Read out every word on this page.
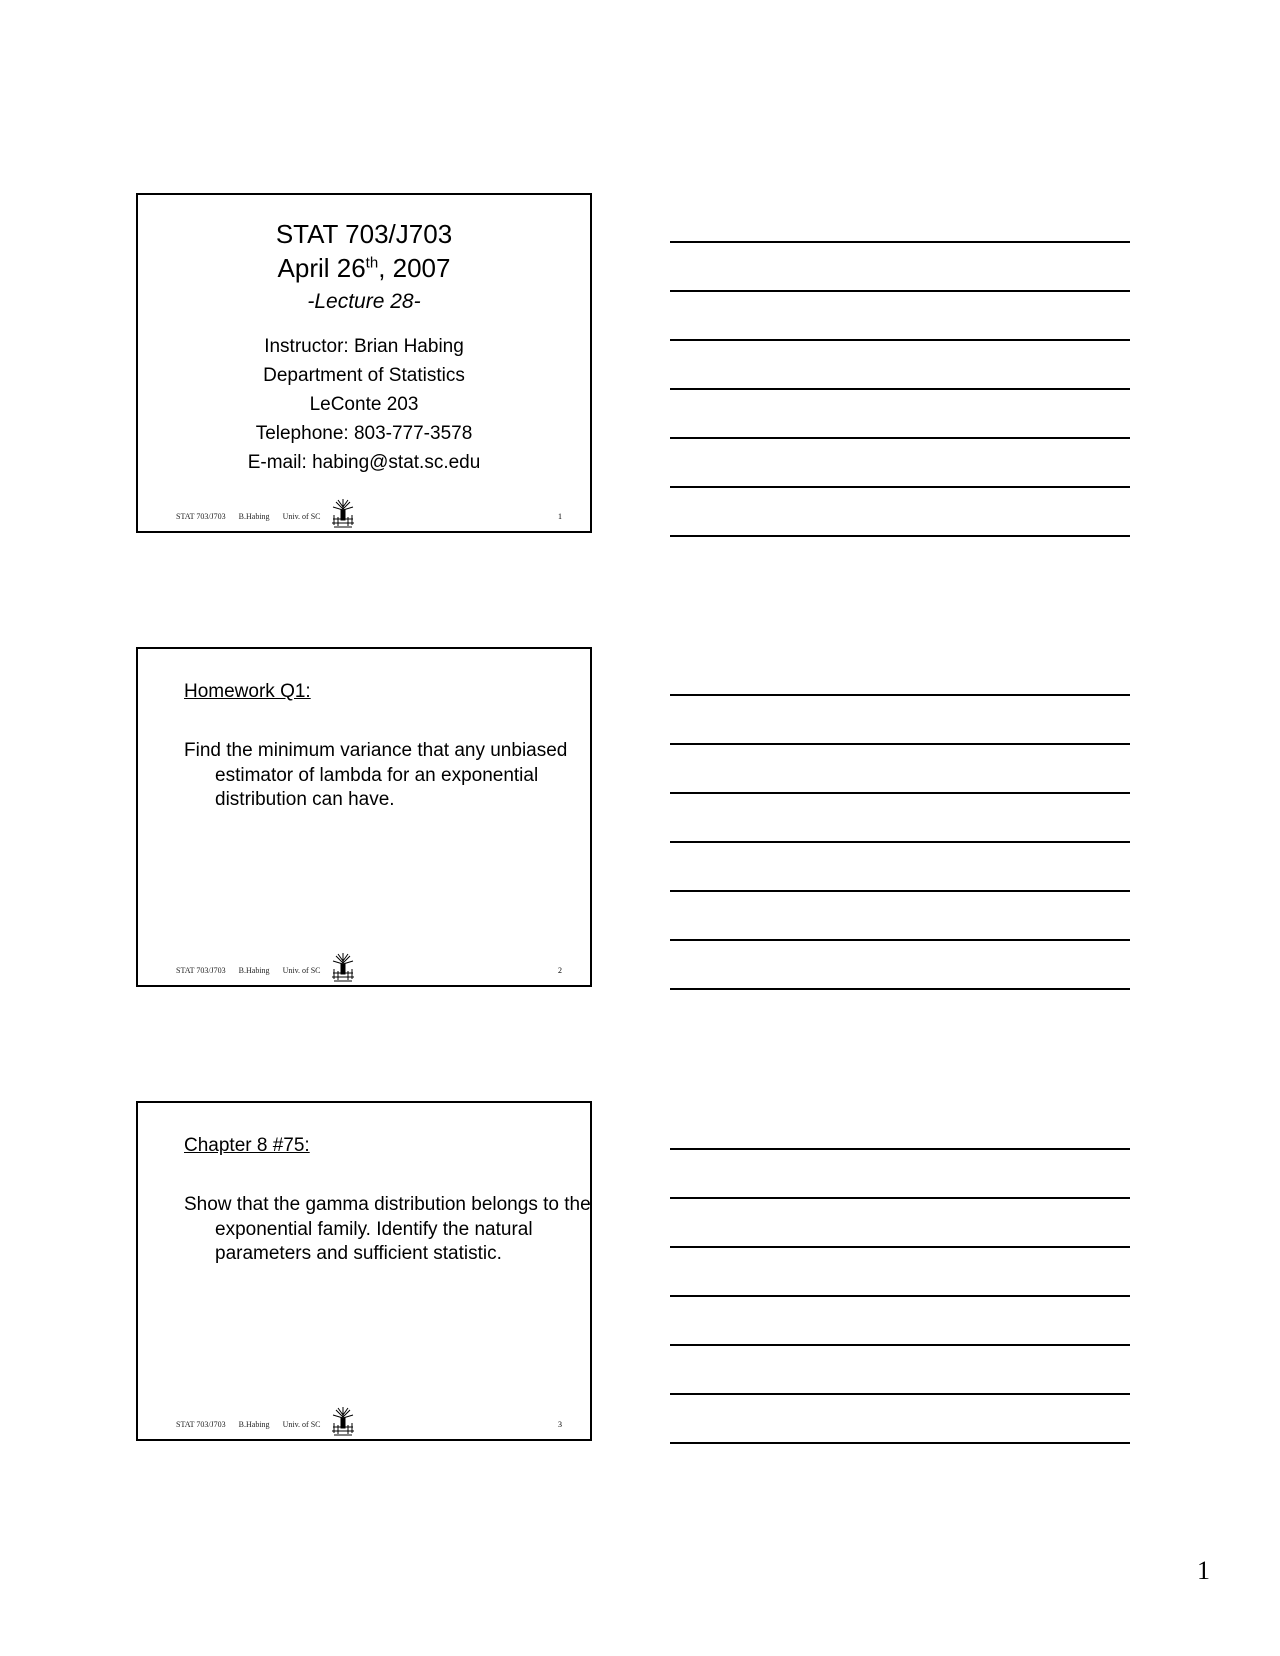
STAT 703/J703
April 26th, 2007
-Lecture 28-
Instructor: Brian Habing
Department of Statistics
LeConte 203
Telephone: 803-777-3578
E-mail: habing@stat.sc.edu
STAT 703/J703 B.Habing Univ. of SC	1
Homework Q1:
Find the minimum variance that any unbiased estimator of lambda for an exponential distribution can have.
STAT 703/J703 B.Habing Univ. of SC	2
Chapter 8 #75:
Show that the gamma distribution belongs to the exponential family. Identify the natural parameters and sufficient statistic.
STAT 703/J703 B.Habing Univ. of SC	3
1
